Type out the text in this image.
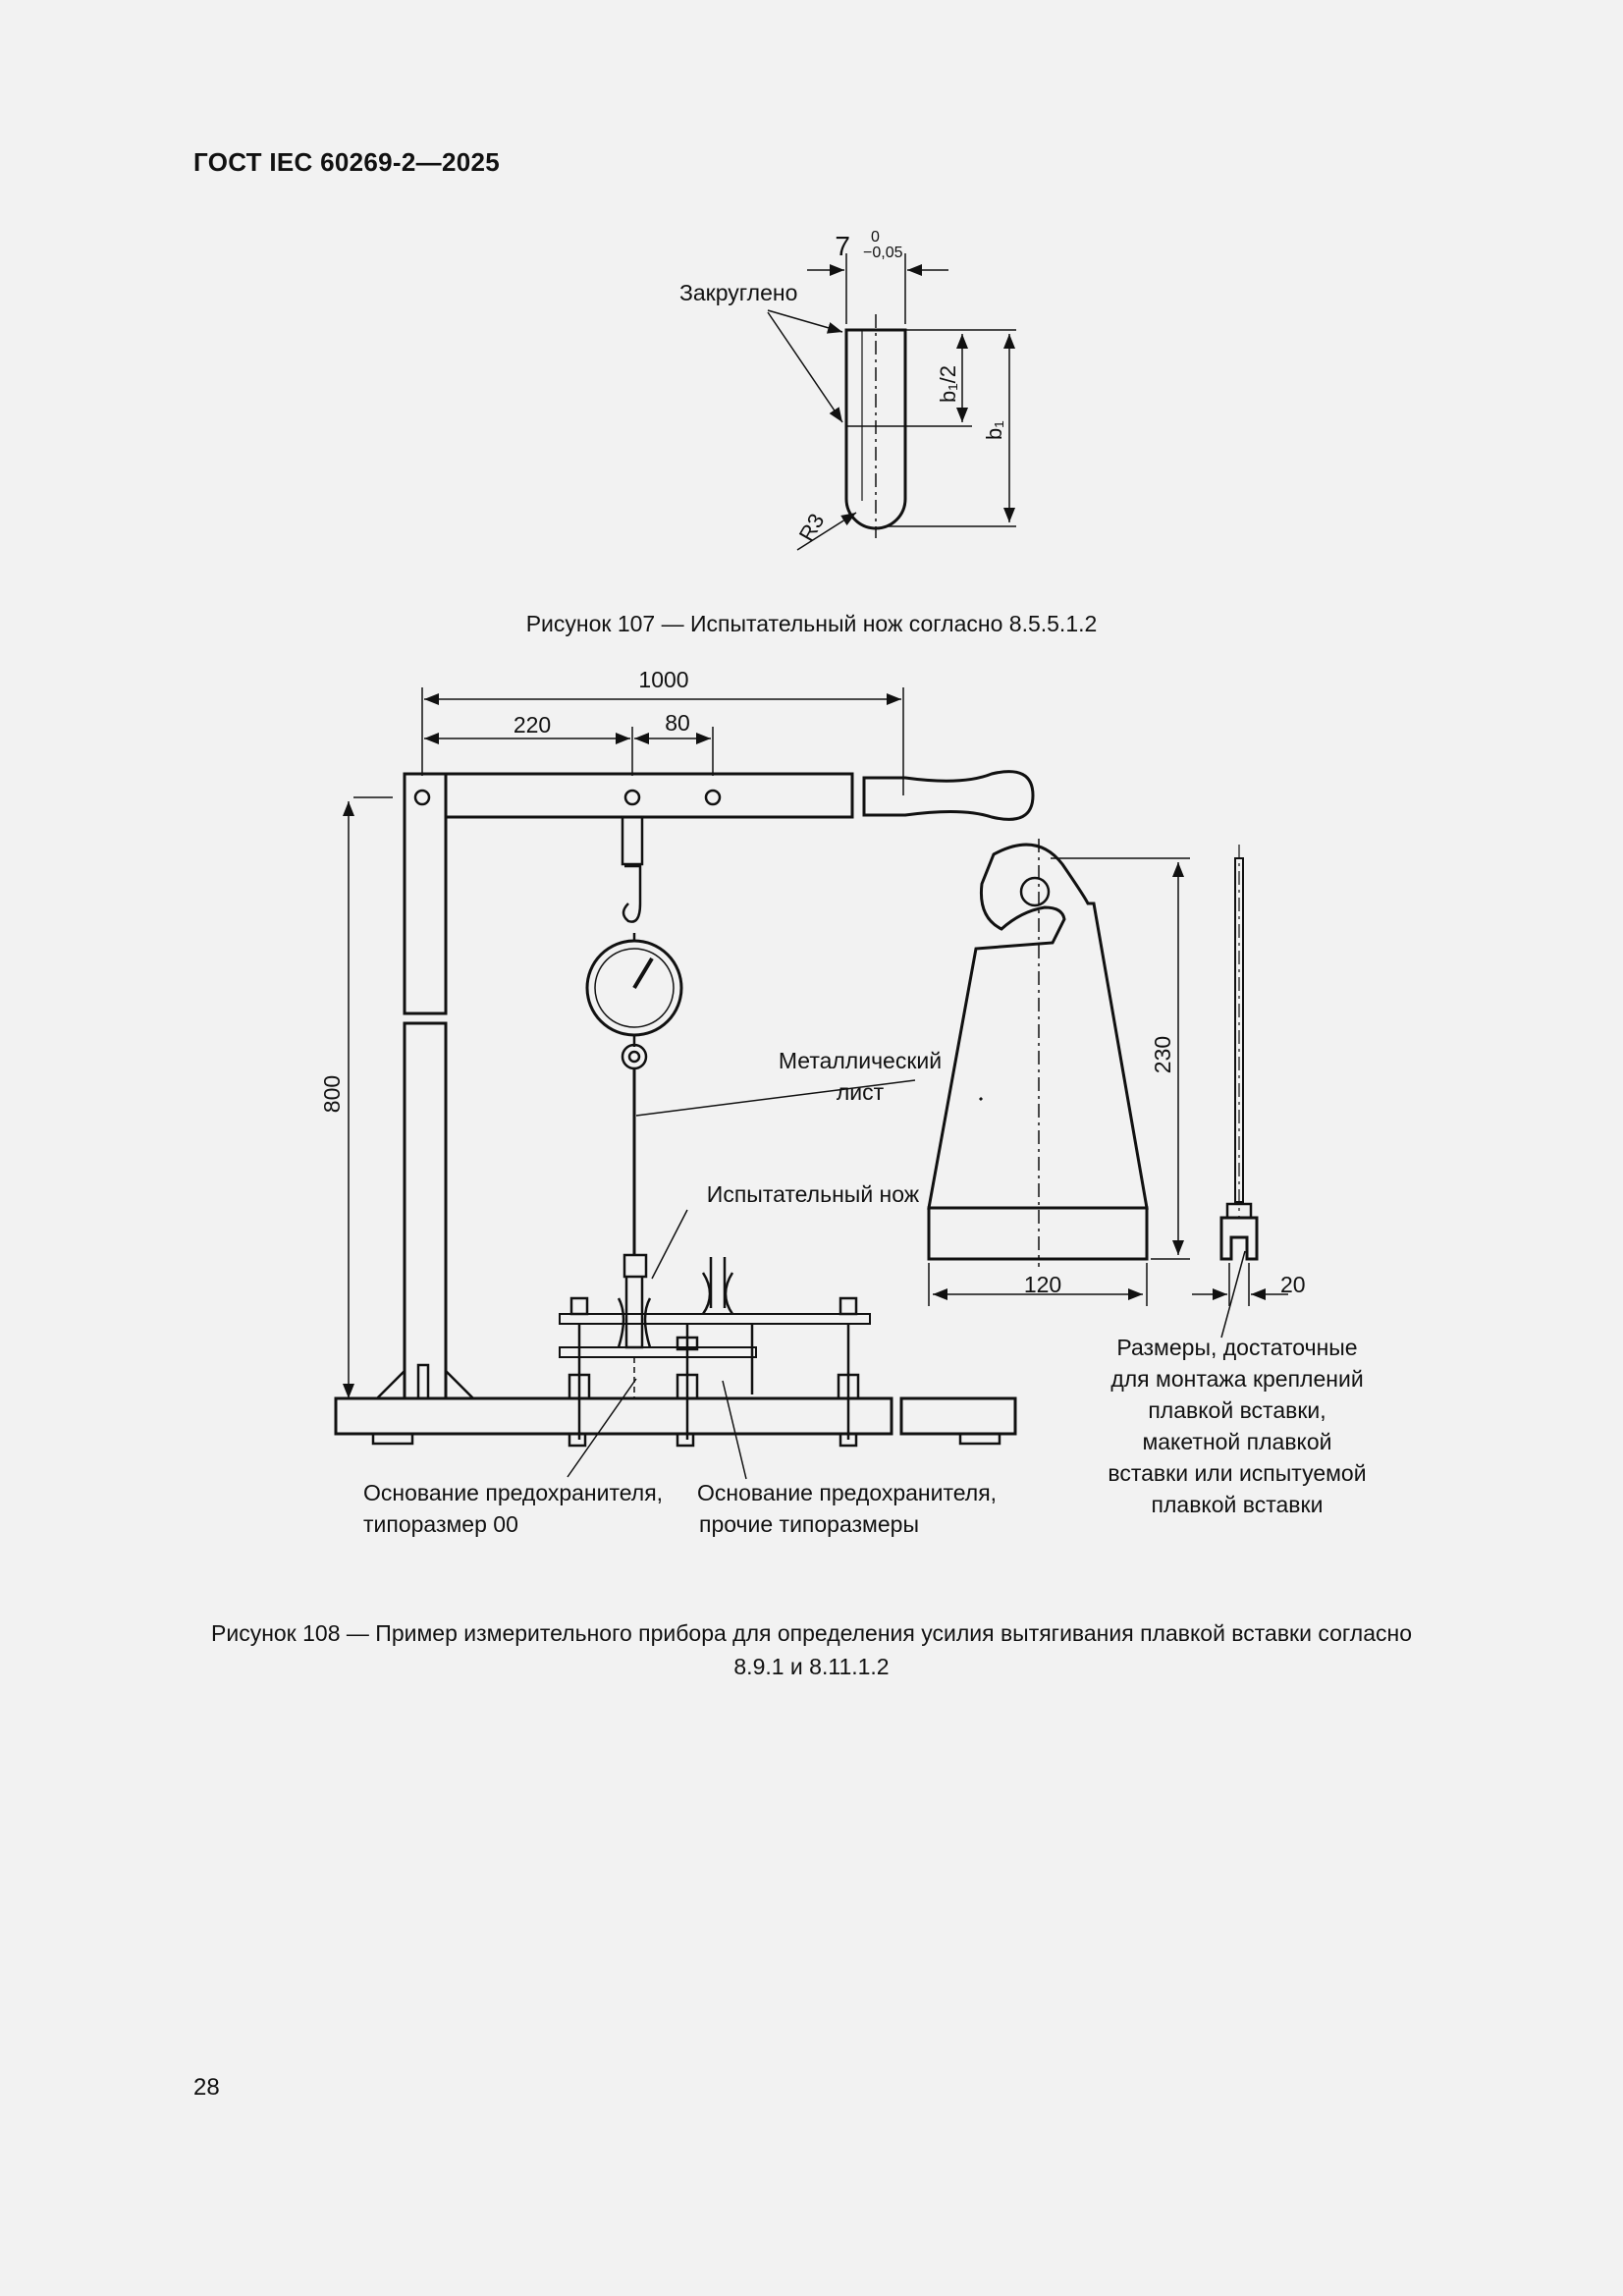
ГОСТ IEC 60269-2—2025
7 0
−0,05
Закруглено
b₁/2
b₁
R3
1000
220	80
800
230
120	20
Металлический
лист
Испытательный нож
Размеры, достаточные
для монтажа креплений
плавкой вставки,
макетной плавкой
вставки или испытуемой
плавкой вставки
Основание предохранителя,
типоразмер 00
Основание предохранителя,
прочие типоразмеры
Рисунок 107 — Испытательный нож согласно 8.5.5.1.2
Рисунок 108 — Пример измерительного прибора для определения усилия вытягивания плавкой вставки согласно
8.9.1 и 8.11.1.2
28
